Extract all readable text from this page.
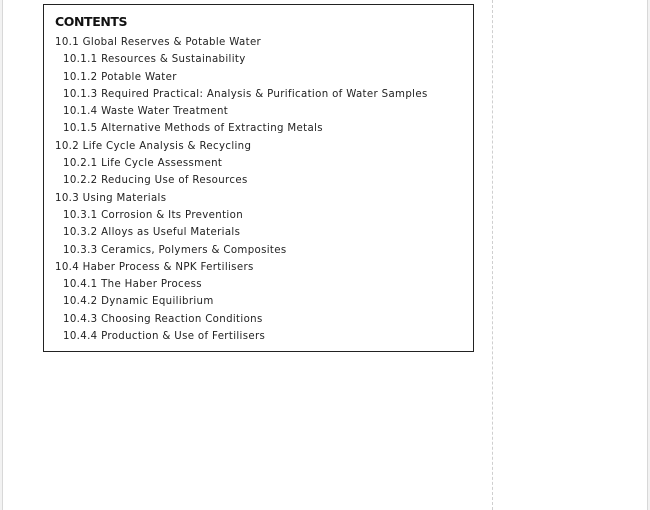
CONTENTS
10.1 Global Reserves & Potable Water
10.1.1 Resources & Sustainability
10.1.2 Potable Water
10.1.3 Required Practical: Analysis & Purification of Water Samples
10.1.4 Waste Water Treatment
10.1.5 Alternative Methods of Extracting Metals
10.2 Life Cycle Analysis & Recycling
10.2.1 Life Cycle Assessment
10.2.2 Reducing Use of Resources
10.3 Using Materials
10.3.1 Corrosion & Its Prevention
10.3.2 Alloys as Useful Materials
10.3.3 Ceramics, Polymers & Composites
10.4 Haber Process & NPK Fertilisers
10.4.1 The Haber Process
10.4.2 Dynamic Equilibrium
10.4.3 Choosing Reaction Conditions
10.4.4 Production & Use of Fertilisers
